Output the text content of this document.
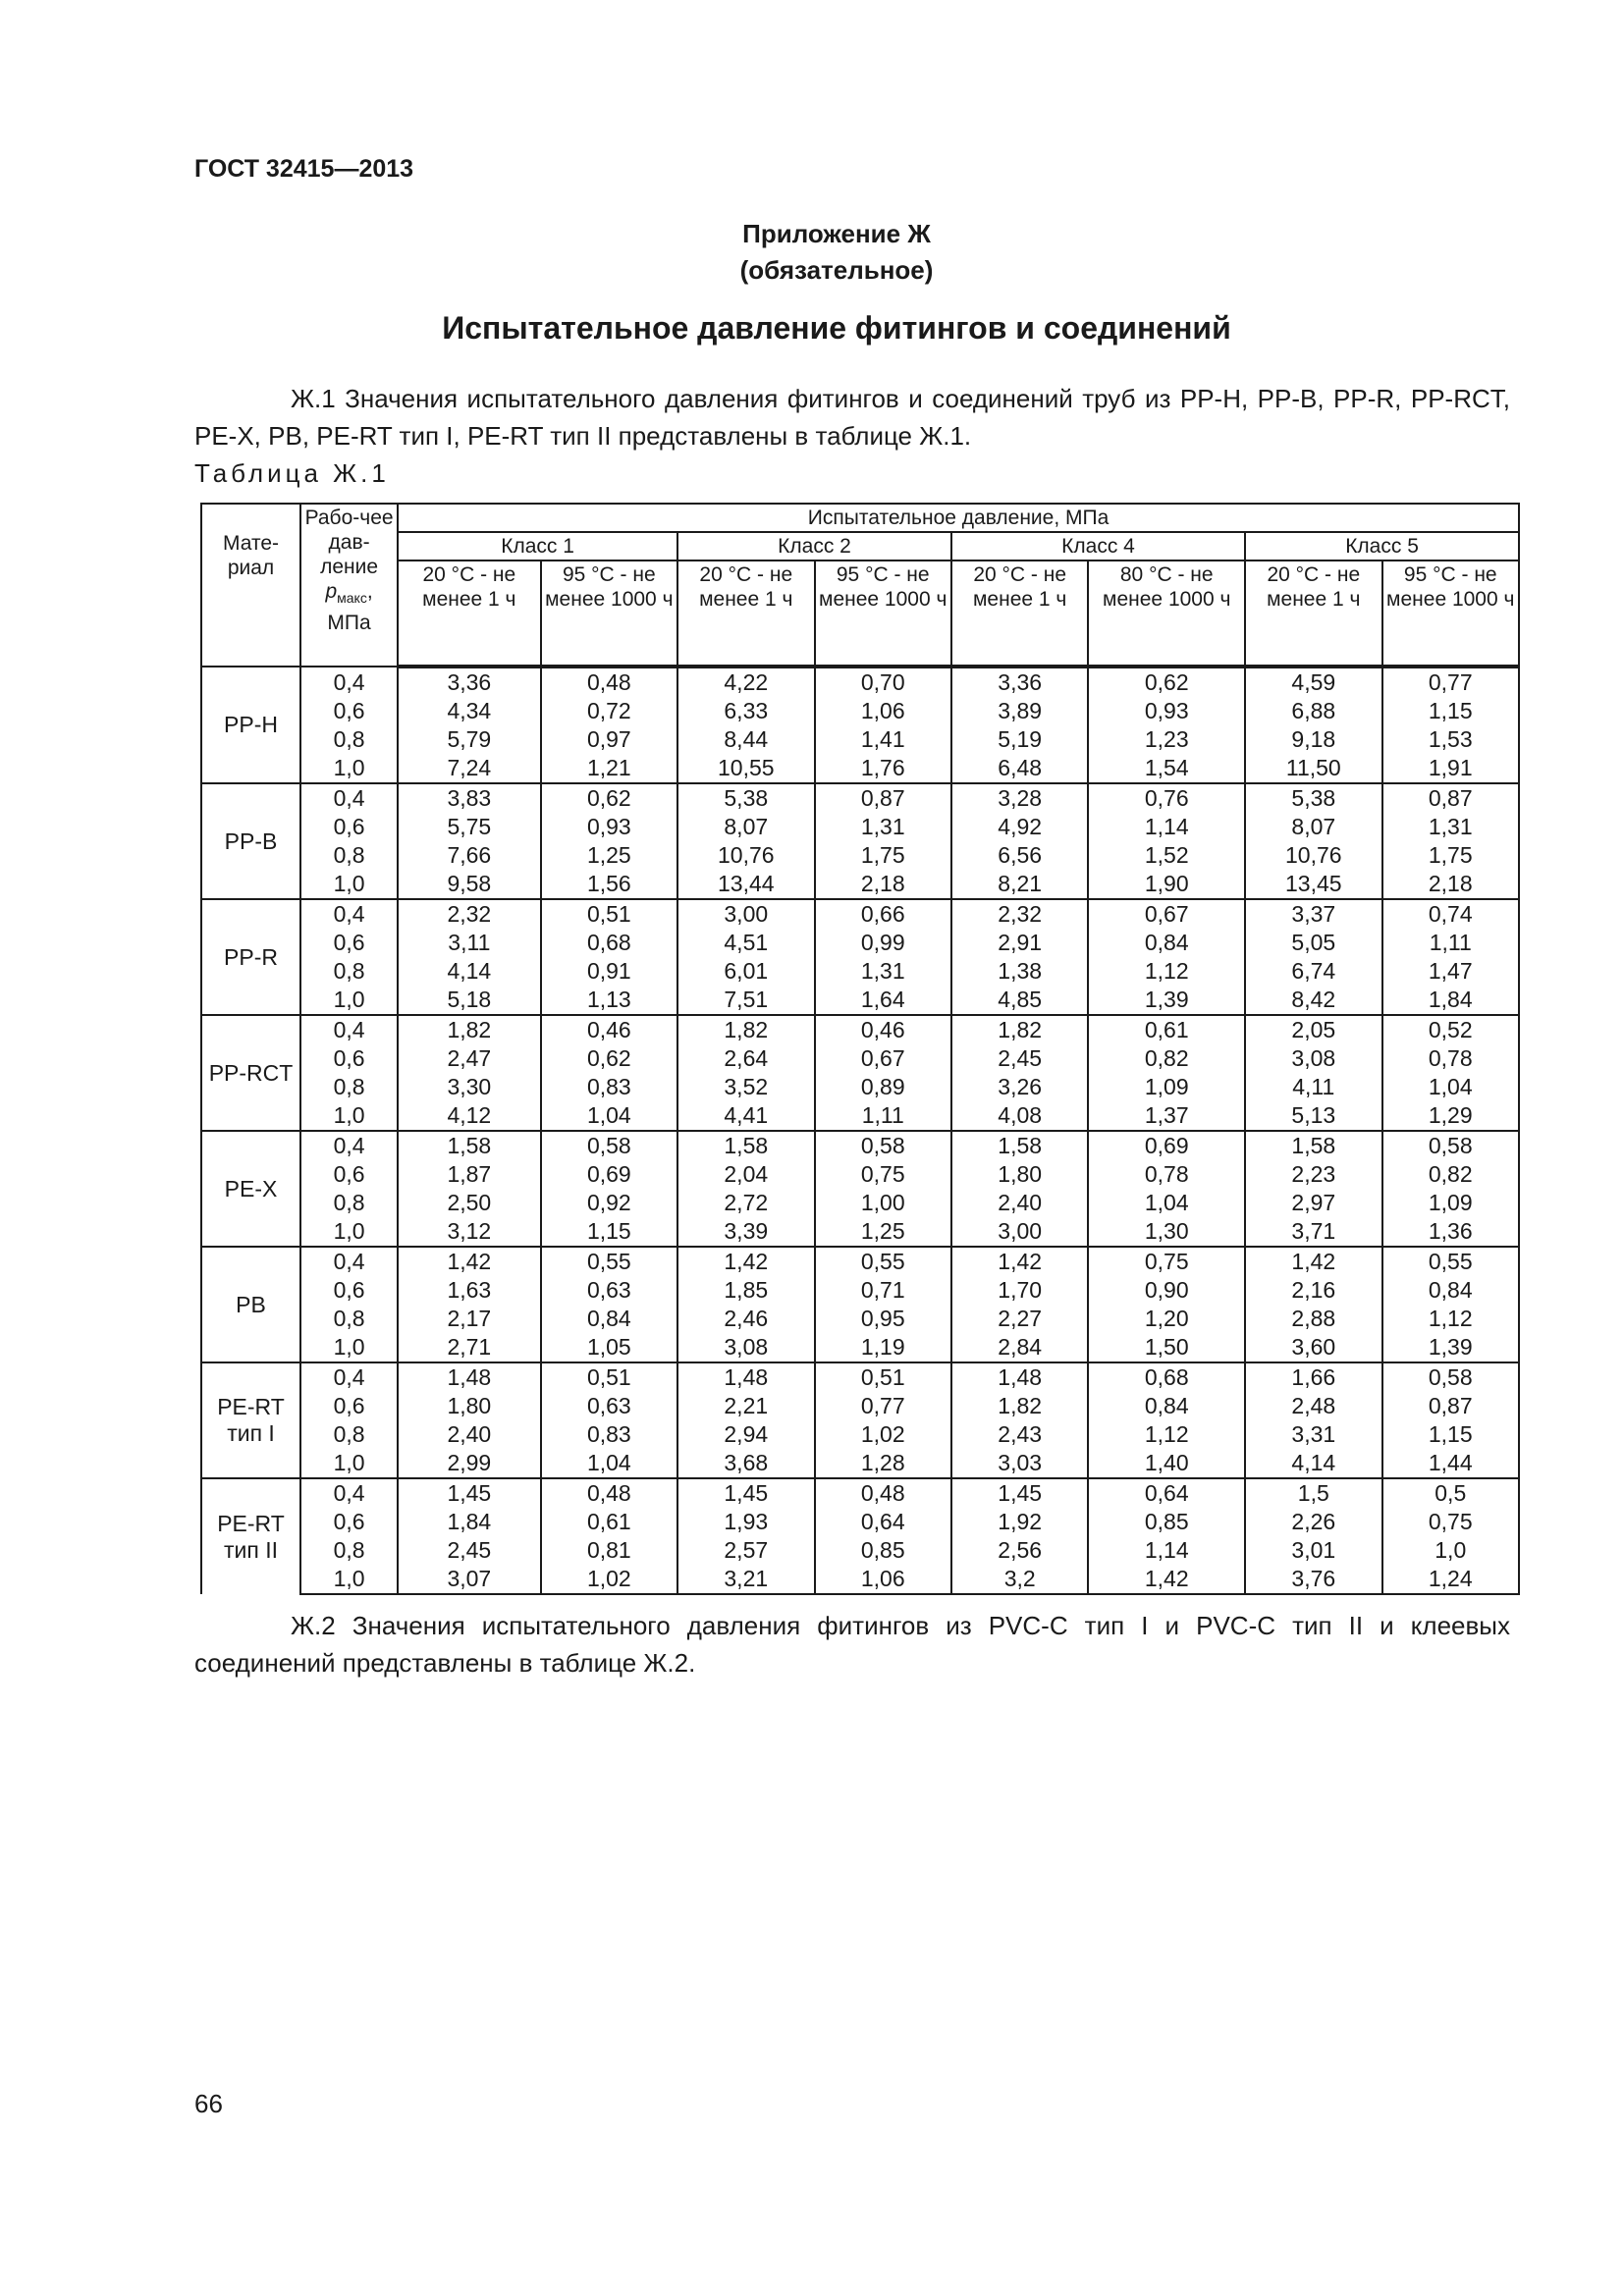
ГОСТ 32415—2013
Приложение Ж
(обязательное)
Испытательное давление фитингов и соединений

Ж.1 Значения испытательного давления фитингов и соединений труб из PP-H, PP-B, PP-R, PP-RCT, PE-X, PB, PE-RT тип I, PE-RT тип II представлены в таблице Ж.1.

Таблица Ж.1
Мате-риал	Рабо-чее дав-ление
$p_{макс}$, МПа	Испытательное давление, МПа							
		Класс 1		Класс 2		Класс 4		Класс 5	
		20 °C - не менее 1 ч	95 °C - не менее 1000 ч	20 °C - не менее 1 ч	95 °C - не менее 1000 ч	20 °C - не менее 1 ч	80 °C - не менее 1000 ч	20 °C - не менее 1 ч	95 °C - не менее 1000 ч
PP-H	0,4	3,36	0,48	4,22	0,70	3,36	0,62	4,59	0,77
	0,6	4,34	0,72	6,33	1,06	3,89	0,93	6,88	1,15
	0,8	5,79	0,97	8,44	1,41	5,19	1,23	9,18	1,53
	1,0	7,24	1,21	10,55	1,76	6,48	1,54	11,50	1,91
PP-B	0,4	3,83	0,62	5,38	0,87	3,28	0,76	5,38	0,87
	0,6	5,75	0,93	8,07	1,31	4,92	1,14	8,07	1,31
	0,8	7,66	1,25	10,76	1,75	6,56	1,52	10,76	1,75
	1,0	9,58	1,56	13,44	2,18	8,21	1,90	13,45	2,18
PP-R	0,4	2,32	0,51	3,00	0,66	2,32	0,67	3,37	0,74
	0,6	3,11	0,68	4,51	0,99	2,91	0,84	5,05	1,11
	0,8	4,14	0,91	6,01	1,31	1,38	1,12	6,74	1,47
	1,0	5,18	1,13	7,51	1,64	4,85	1,39	8,42	1,84
PP-RCT	0,4	1,82	0,46	1,82	0,46	1,82	0,61	2,05	0,52
	0,6	2,47	0,62	2,64	0,67	2,45	0,82	3,08	0,78
	0,8	3,30	0,83	3,52	0,89	3,26	1,09	4,11	1,04
	1,0	4,12	1,04	4,41	1,11	4,08	1,37	5,13	1,29
PE-X	0,4	1,58	0,58	1,58	0,58	1,58	0,69	1,58	0,58
	0,6	1,87	0,69	2,04	0,75	1,80	0,78	2,23	0,82
	0,8	2,50	0,92	2,72	1,00	2,40	1,04	2,97	1,09
	1,0	3,12	1,15	3,39	1,25	3,00	1,30	3,71	1,36
PB	0,4	1,42	0,55	1,42	0,55	1,42	0,75	1,42	0,55
	0,6	1,63	0,63	1,85	0,71	1,70	0,90	2,16	0,84
	0,8	2,17	0,84	2,46	0,95	2,27	1,20	2,88	1,12
	1,0	2,71	1,05	3,08	1,19	2,84	1,50	3,60	1,39
PE-RT тип I	0,4	1,48	0,51	1,48	0,51	1,48	0,68	1,66	0,58
	0,6	1,80	0,63	2,21	0,77	1,82	0,84	2,48	0,87
	0,8	2,40	0,83	2,94	1,02	2,43	1,12	3,31	1,15
	1,0	2,99	1,04	3,68	1,28	3,03	1,40	4,14	1,44
PE-RT тип II	0,4	1,45	0,48	1,45	0,48	1,45	0,64	1,5	0,5
	0,6	1,84	0,61	1,93	0,64	1,92	0,85	2,26	0,75
	0,8	2,45	0,81	2,57	0,85	2,56	1,14	3,01	1,0
	1,0	3,07	1,02	3,21	1,06	3,2	1,42	3,76	1,24

Ж.2 Значения испытательного давления фитингов из PVC-C тип I и PVC-C тип II и клеевых соединений представлены в таблице Ж.2.

66
